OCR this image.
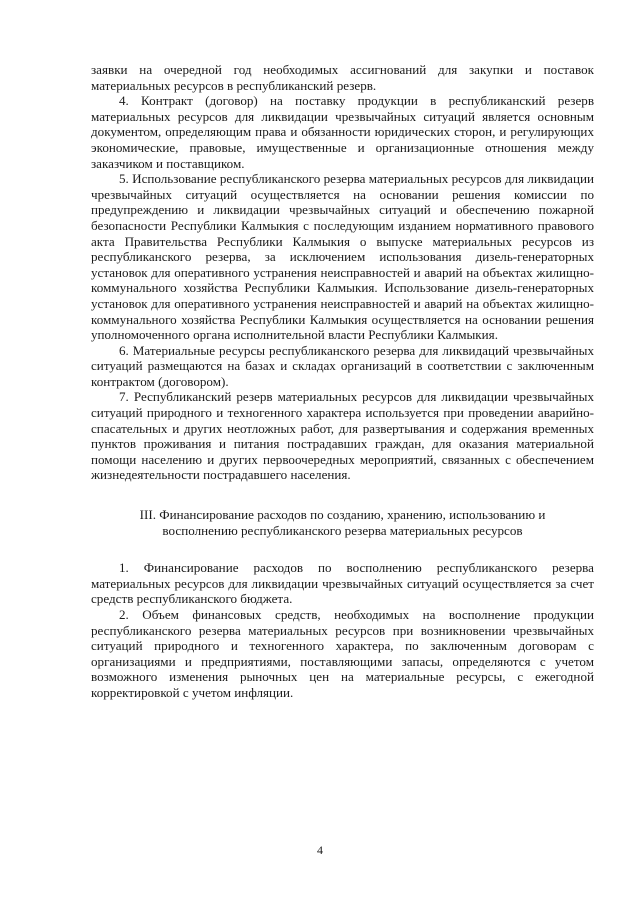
заявки на очередной год необходимых ассигнований для закупки и поставок материальных ресурсов в республиканский резерв.

4. Контракт (договор) на поставку продукции в республиканский резерв материальных ресурсов для ликвидации чрезвычайных ситуаций является основным документом, определяющим права и обязанности юридических сторон, и регулирующих экономические, правовые, имущественные и организационные отношения между заказчиком и поставщиком.

5. Использование республиканского резерва материальных ресурсов для ликвидации чрезвычайных ситуаций осуществляется на основании решения комиссии по предупреждению и ликвидации чрезвычайных ситуаций и обеспечению пожарной безопасности Республики Калмыкия с последующим изданием нормативного правового акта Правительства Республики Калмыкия о выпуске материальных ресурсов из республиканского резерва, за исключением использования дизель-генераторных установок для оперативного устранения неисправностей и аварий на объектах жилищно-коммунального хозяйства Республики Калмыкия. Использование дизель-генераторных установок для оперативного устранения неисправностей и аварий на объектах жилищно-коммунального хозяйства Республики Калмыкия осуществляется на основании решения уполномоченного органа исполнительной власти Республики Калмыкия.

6. Материальные ресурсы республиканского резерва для ликвидаций чрезвычайных ситуаций размещаются на базах и складах организаций в соответствии с заключенным контрактом (договором).

7. Республиканский резерв материальных ресурсов для ликвидации чрезвычайных ситуаций природного и техногенного характера используется при проведении аварийно-спасательных и других неотложных работ, для развертывания и содержания временных пунктов проживания и питания пострадавших граждан, для оказания материальной помощи населению и других первоочередных мероприятий, связанных с обеспечением жизнедеятельности пострадавшего населения.

III. Финансирование расходов по созданию, хранению, использованию и
восполнению республиканского резерва материальных ресурсов

1. Финансирование расходов по восполнению республиканского резерва материальных ресурсов для ликвидации чрезвычайных ситуаций осуществляется за счет средств республиканского бюджета.

2. Объем финансовых средств, необходимых на восполнение продукции республиканского резерва материальных ресурсов при возникновении чрезвычайных ситуаций природного и техногенного характера, по заключенным договорам с организациями и предприятиями, поставляющими запасы, определяются с учетом возможного изменения рыночных цен на материальные ресурсы, с ежегодной корректировкой с учетом инфляции.

4
